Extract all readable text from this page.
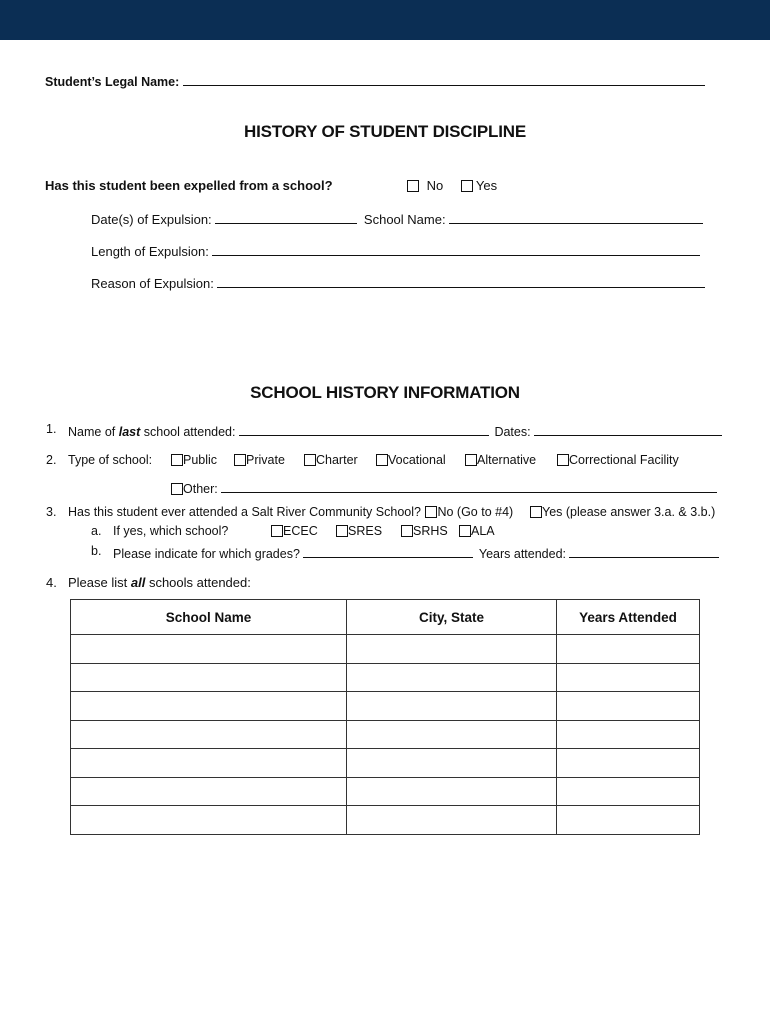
Student’s Legal Name:
HISTORY OF STUDENT DISCIPLINE
Has this student been expelled from a school?	No	Yes
Date(s) of Expulsion:	School Name:
Length of Expulsion:
Reason of Expulsion:
SCHOOL HISTORY INFORMATION
1. Name of last school attended:	Dates:
2. Type of school:	Public	Private	Charter	Vocational	Alternative	Correctional Facility
Other:
3. Has this student ever attended a Salt River Community School? No (Go to #4)	Yes (please answer 3.a. & 3.b.)
a. If yes, which school?	ECEC	SRES	SRHS	ALA
b. Please indicate for which grades?	Years attended:
4. Please list all schools attended:
School Name	City, State	Years Attended
